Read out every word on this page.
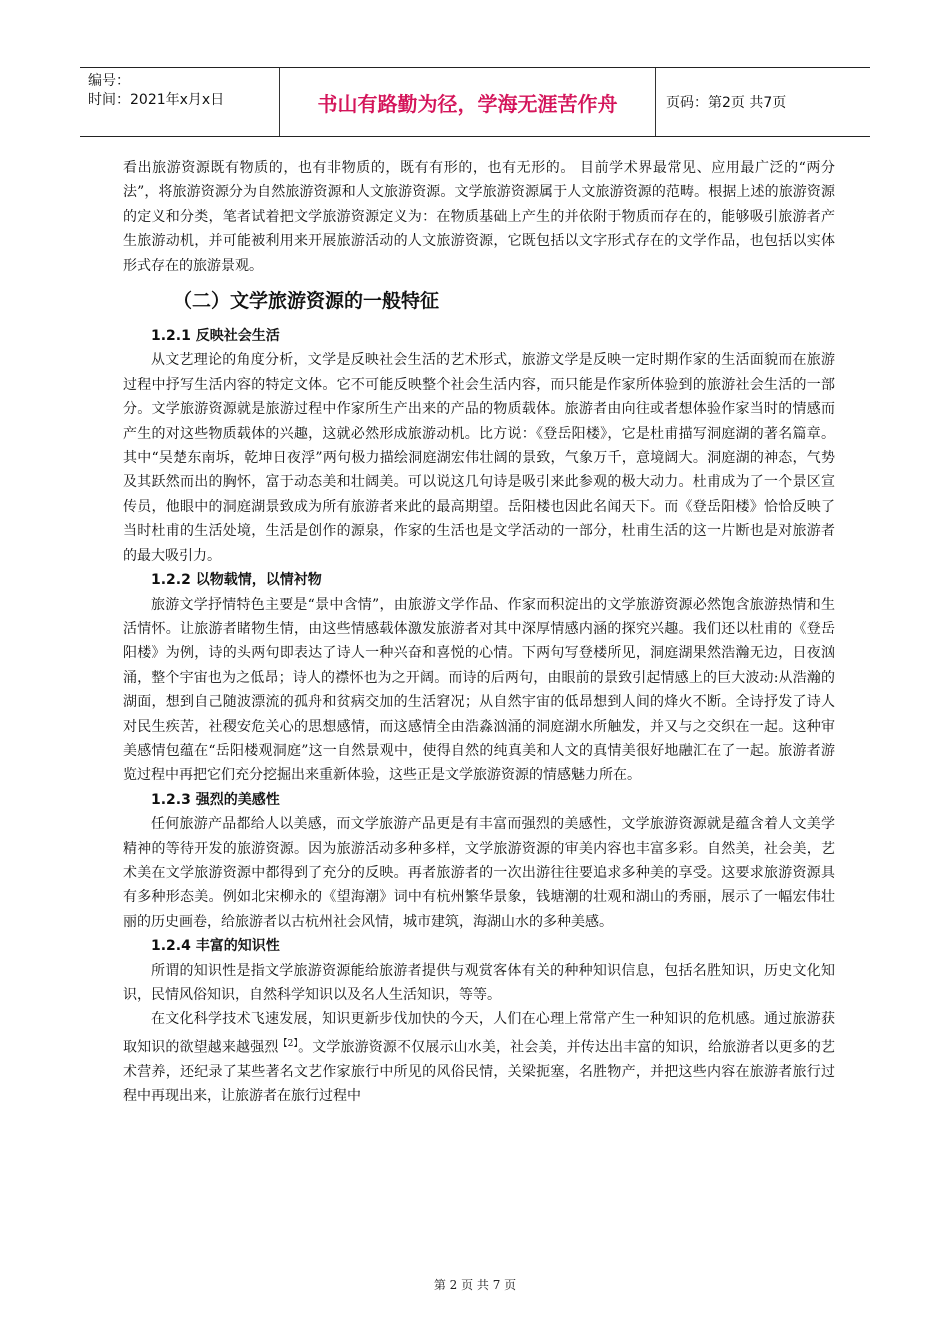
编号：
时间：2021年x月x日	书山有路勤为径，学海无涯苦作舟	页码：第2页 共7页

看出旅游资源既有物质的，也有非物质的，既有有形的，也有无形的。 目前学术界最常见、应用最广泛的“两分法”，将旅游资源分为自然旅游资源和人文旅游资源。文学旅游资源属于人文旅游资源的范畴。根据上述的旅游资源的定义和分类，笔者试着把文学旅游资源定义为：在物质基础上产生的并依附于物质而存在的，能够吸引旅游者产生旅游动机，并可能被利用来开展旅游活动的人文旅游资源，它既包括以文字形式存在的文学作品，也包括以实体形式存在的旅游景观。

（二）文学旅游资源的一般特征
1.2.1 反映社会生活

从文艺理论的角度分析，文学是反映社会生活的艺术形式，旅游文学是反映一定时期作家的生活面貌而在旅游过程中抒写生活内容的特定文体。它不可能反映整个社会生活内容，而只能是作家所体验到的旅游社会生活的一部分。文学旅游资源就是旅游过程中作家所生产出来的产品的物质载体。旅游者由向往或者想体验作家当时的情感而产生的对这些物质载体的兴趣，这就必然形成旅游动机。比方说：《登岳阳楼》，它是杜甫描写洞庭湖的著名篇章。其中“吴楚东南坼，乾坤日夜浮”两句极力描绘洞庭湖宏伟壮阔的景致，气象万千，意境阔大。洞庭湖的神态，气势及其跃然而出的胸怀，富于动态美和壮阔美。可以说这几句诗是吸引来此参观的极大动力。杜甫成为了一个景区宣传员，他眼中的洞庭湖景致成为所有旅游者来此的最高期望。岳阳楼也因此名闻天下。而《登岳阳楼》恰恰反映了当时杜甫的生活处境，生活是创作的源泉，作家的生活也是文学活动的一部分，杜甫生活的这一片断也是对旅游者的最大吸引力。

1.2.2 以物载情，以情衬物

旅游文学抒情特色主要是“景中含情”，由旅游文学作品、作家而积淀出的文学旅游资源必然饱含旅游热情和生活情怀。让旅游者睹物生情，由这些情感载体激发旅游者对其中深厚情感内涵的探究兴趣。我们还以杜甫的《登岳阳楼》为例，诗的头两句即表达了诗人一种兴奋和喜悦的心情。下两句写登楼所见，洞庭湖果然浩瀚无边，日夜汹涌，整个宇宙也为之低昂；诗人的襟怀也为之开阔。而诗的后两句，由眼前的景致引起情感上的巨大波动:从浩瀚的湖面，想到自己随波漂流的孤舟和贫病交加的生活窘况；从自然宇宙的低昂想到人间的烽火不断。全诗抒发了诗人对民生疾苦，社稷安危关心的思想感情，而这感情全由浩淼汹涌的洞庭湖水所触发，并又与之交织在一起。这种审美感情包蕴在“岳阳楼观洞庭”这一自然景观中，使得自然的纯真美和人文的真情美很好地融汇在了一起。旅游者游览过程中再把它们充分挖掘出来重新体验，这些正是文学旅游资源的情感魅力所在。

1.2.3 强烈的美感性

任何旅游产品都给人以美感，而文学旅游产品更是有丰富而强烈的美感性，文学旅游资源就是蕴含着人文美学精神的等待开发的旅游资源。因为旅游活动多种多样，文学旅游资源的审美内容也丰富多彩。自然美，社会美，艺术美在文学旅游资源中都得到了充分的反映。再者旅游者的一次出游往往要追求多种美的享受。这要求旅游资源具有多种形态美。例如北宋柳永的《望海潮》词中有杭州繁华景象，钱塘潮的壮观和湖山的秀丽，展示了一幅宏伟壮丽的历史画卷，给旅游者以古杭州社会风情，城市建筑，海湖山水的多种美感。

1.2.4 丰富的知识性

所谓的知识性是指文学旅游资源能给旅游者提供与观赏客体有关的种种知识信息，包括名胜知识，历史文化知识，民情风俗知识，自然科学知识以及名人生活知识，等等。

在文化科学技术飞速发展，知识更新步伐加快的今天，人们在心理上常常产生一种知识的危机感。通过旅游获取知识的欲望越来越强烈$^{【2】}$。文学旅游资源不仅展示山水美，社会美，并传达出丰富的知识，给旅游者以更多的艺术营养，还纪录了某些著名文艺作家旅行中所见的风俗民情，关梁扼塞，名胜物产，并把这些内容在旅游者旅行过程中再现出来，让旅游者在旅行过程中

第 2 页 共 7 页
